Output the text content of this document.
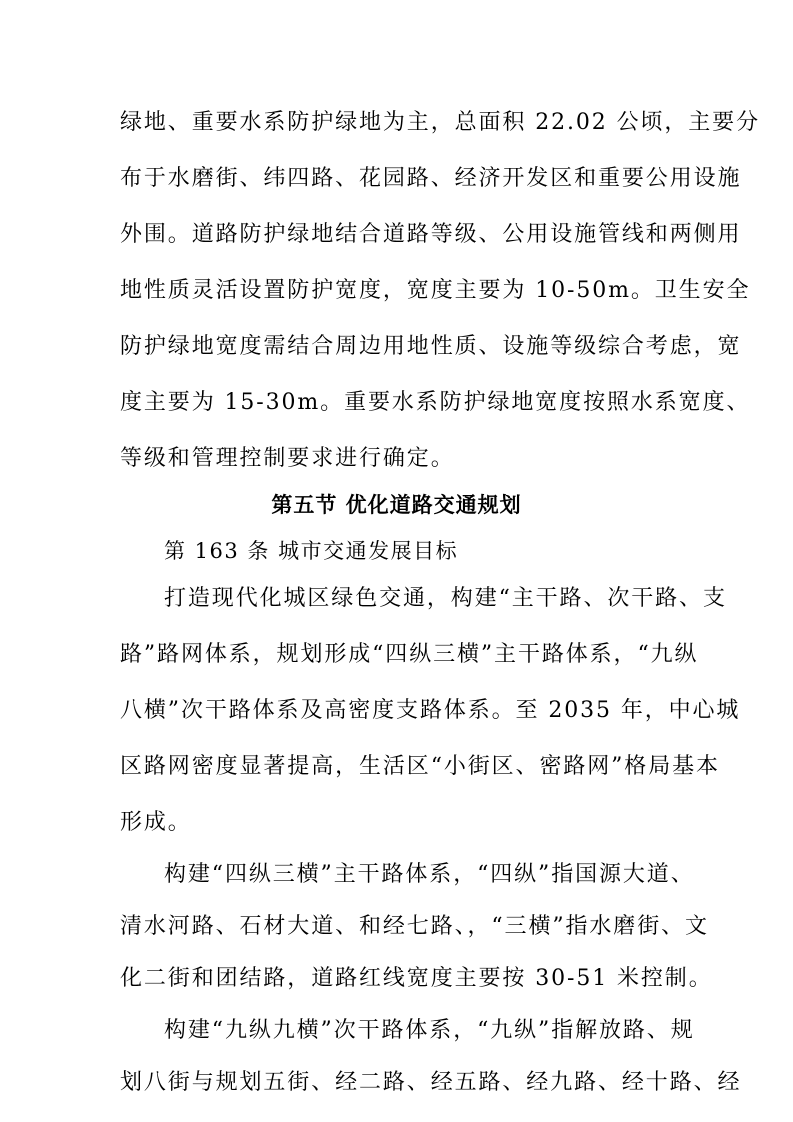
绿地、重要水系防护绿地为主，总面积 22.02 公顷，主要分
布于水磨街、纬四路、花园路、经济开发区和重要公用设施
外围。道路防护绿地结合道路等级、公用设施管线和两侧用
地性质灵活设置防护宽度，宽度主要为 10-50m。卫生安全
防护绿地宽度需结合周边用地性质、设施等级综合考虑，宽
度主要为 15-30m。重要水系防护绿地宽度按照水系宽度、
等级和管理控制要求进行确定。
第五节 优化道路交通规划
第 163 条 城市交通发展目标
打造现代化城区绿色交通，构建“主干路、次干路、支
路”路网体系，规划形成“四纵三横”主干路体系，“九纵
八横”次干路体系及高密度支路体系。至 2035 年，中心城
区路网密度显著提高，生活区“小街区、密路网”格局基本
形成。
构建“四纵三横”主干路体系，“四纵”指国源大道、
清水河路、石材大道、和经七路、，“三横”指水磨街、文
化二街和团结路，道路红线宽度主要按 30-51 米控制。
构建“九纵九横”次干路体系，“九纵”指解放路、规
划八街与规划五街、经二路、经五路、经九路、经十路、经
